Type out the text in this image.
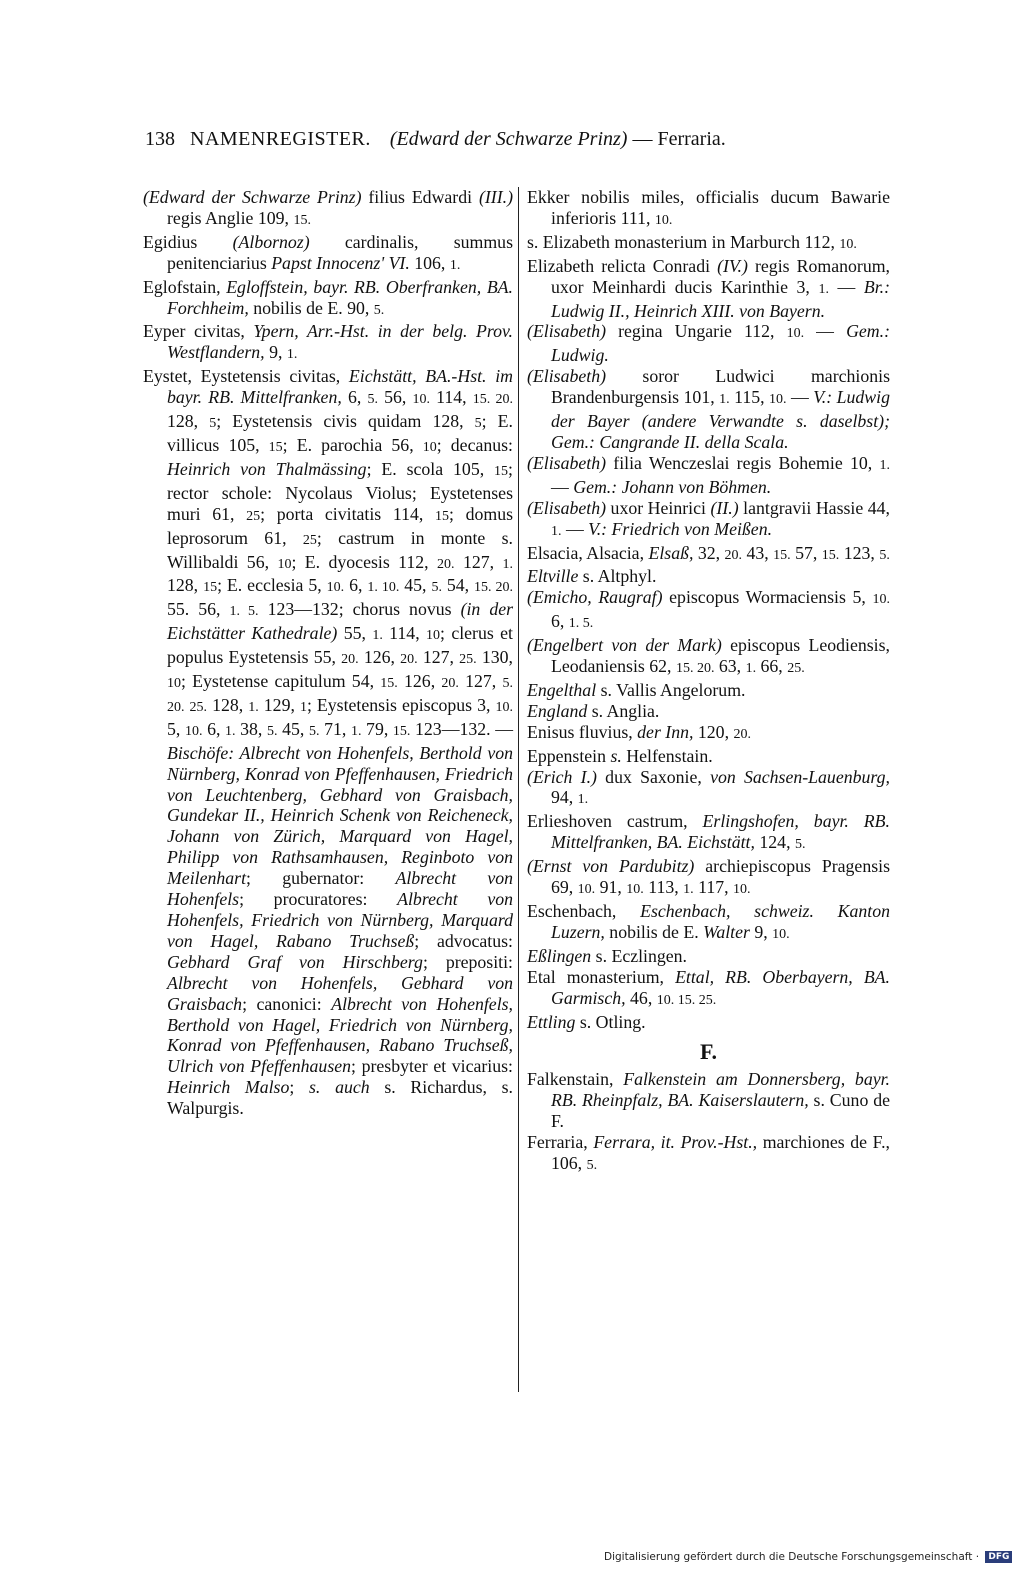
138 NAMENREGISTER. (Edward der Schwarze Prinz) — Ferraria.

(Edward der Schwarze Prinz) filius Edwardi (III.) regis Anglie 109, 15.

Egidius (Albornoz) cardinalis, summus penitenciarius Papst Innocenz' VI. 106, 1.

Eglofstain, Egloffstein, bayr. RB. Oberfranken, BA. Forchheim, nobilis de E. 90, 5.

Eyper civitas, Ypern, Arr.-Hst. in der belg. Prov. Westflandern, 9, 1.

Eystet, Eystetensis civitas, Eichstätt, BA.-Hst. im bayr. RB. Mittelfranken, 6, 5. 56, 10. 114, 15. 20. 128, 5; Eystetensis civis quidam 128, 5; E. villicus 105, 15; E. parochia 56, 10; decanus: Heinrich von Thalmässing; E. scola 105, 15; rector schole: Nycolaus Violus; Eystetenses muri 61, 25; porta civitatis 114, 15; domus leprosorum 61, 25; castrum in monte s. Willibaldi 56, 10; E. dyocesis 112, 20. 127, 1. 128, 15; E. ecclesia 5, 10. 6, 1. 10. 45, 5. 54, 15. 20. 55. 56, 1. 5. 123—132; chorus novus (in der Eichstätter Kathedrale) 55, 1. 114, 10; clerus et populus Eystetensis 55, 20. 126, 20. 127, 25. 130, 10; Eystetense capitulum 54, 15. 126, 20. 127, 5. 20. 25. 128, 1. 129, 1; Eystetensis episcopus 3, 10. 5, 10. 6, 1. 38, 5. 45, 5. 71, 1. 79, 15. 123—132. — Bischöfe: Albrecht von Hohenfels, Berthold von Nürnberg, Konrad von Pfeffenhausen, Friedrich von Leuchtenberg, Gebhard von Graisbach, Gundekar II., Heinrich Schenk von Reicheneck, Johann von Zürich, Marquard von Hagel, Philipp von Rathsamhausen, Reginboto von Meilenhart; gubernator: Albrecht von Hohenfels; procuratores: Albrecht von Hohenfels, Friedrich von Nürnberg, Marquard von Hagel, Rabano Truchseß; advocatus: Gebhard Graf von Hirschberg; prepositi: Albrecht von Hohenfels, Gebhard von Graisbach; canonici: Albrecht von Hohenfels, Berthold von Hagel, Friedrich von Nürnberg, Konrad von Pfeffenhausen, Rabano Truchseß, Ulrich von Pfeffenhausen; presbyter et vicarius: Heinrich Malso; s. auch s. Richardus, s. Walpurgis.

Ekker nobilis miles, officialis ducum Bawarie inferioris 111, 10.

s. Elizabeth monasterium in Marburch 112, 10.

Elizabeth relicta Conradi (IV.) regis Romanorum, uxor Meinhardi ducis Karinthie 3, 1. — Br.: Ludwig II., Heinrich XIII. von Bayern.

(Elisabeth) regina Ungarie 112, 10. — Gem.: Ludwig.

(Elisabeth) soror Ludwici marchionis Brandenburgensis 101, 1. 115, 10. — V.: Ludwig der Bayer (andere Verwandte s. daselbst); Gem.: Cangrande II. della Scala.

(Elisabeth) filia Wenczeslai regis Bohemie 10, 1. — Gem.: Johann von Böhmen.

(Elisabeth) uxor Heinrici (II.) lantgravii Hassie 44, 1. — V.: Friedrich von Meißen.

Elsacia, Alsacia, Elsaß, 32, 20. 43, 15. 57, 15. 123, 5.

Eltville s. Altphyl.

(Emicho, Raugraf) episcopus Wormaciensis 5, 10. 6, 1. 5.

(Engelbert von der Mark) episcopus Leodiensis, Leodaniensis 62, 15. 20. 63, 1. 66, 25.

Engelthal s. Vallis Angelorum.

England s. Anglia.

Enisus fluvius, der Inn, 120, 20.

Eppenstein s. Helfenstain.

(Erich I.) dux Saxonie, von Sachsen-Lauenburg, 94, 1.

Erlieshoven castrum, Erlingshofen, bayr. RB. Mittelfranken, BA. Eichstätt, 124, 5.

(Ernst von Pardubitz) archiepiscopus Pragensis 69, 10. 91, 10. 113, 1. 117, 10.

Eschenbach, Eschenbach, schweiz. Kanton Luzern, nobilis de E. Walter 9, 10.

Eßlingen s. Eczlingen.

Etal monasterium, Ettal, RB. Oberbayern, BA. Garmisch, 46, 10. 15. 25.

Ettling s. Otling.

F.

Falkenstain, Falkenstein am Donnersberg, bayr. RB. Rheinpfalz, BA. Kaiserslautern, s. Cuno de F.

Ferraria, Ferrara, it. Prov.-Hst., marchiones de F., 106, 5.

Digitalisierung gefördert durch die Deutsche Forschungsgemeinschaft · DFG
